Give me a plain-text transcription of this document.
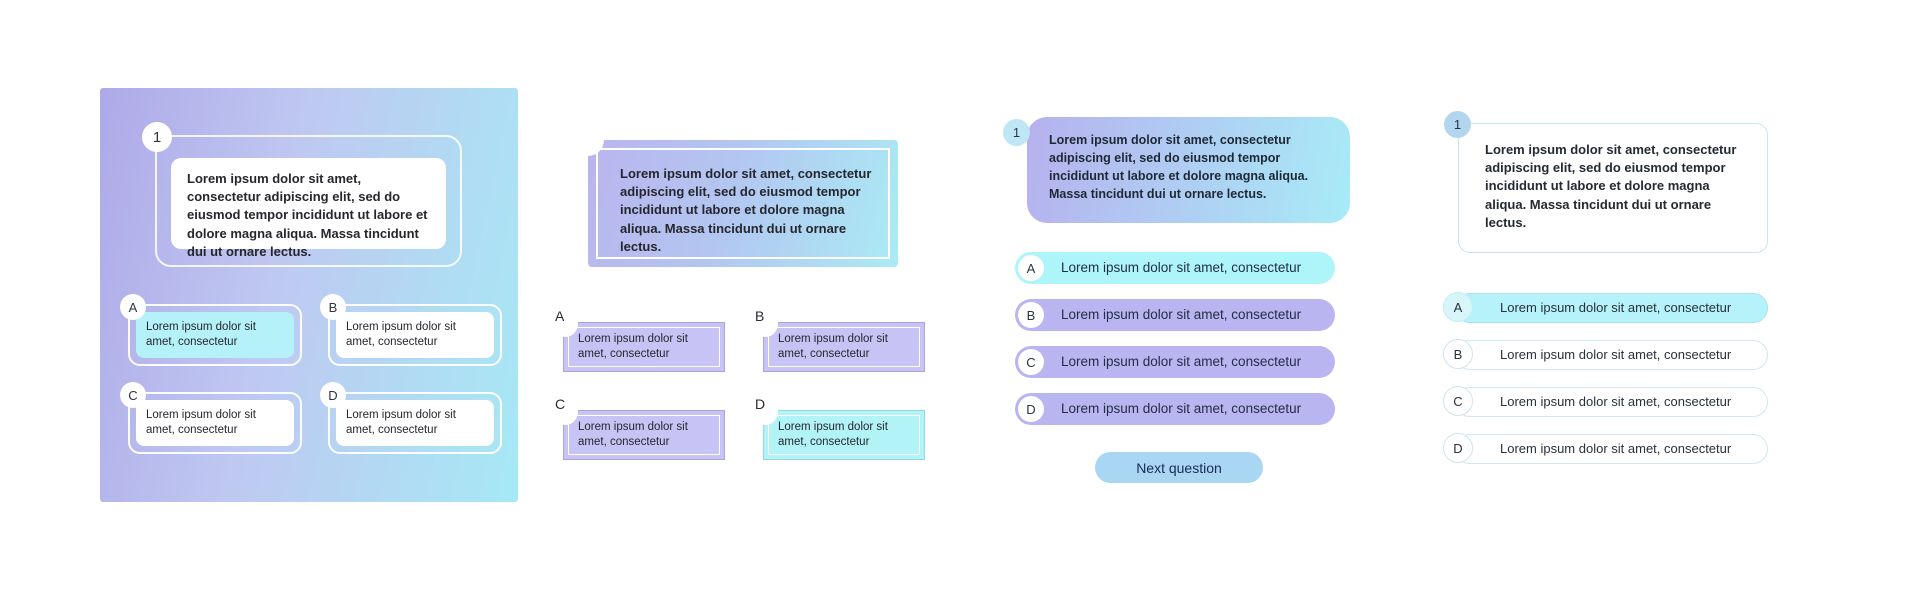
1
Lorem ipsum dolor sit amet, consectetur adipiscing elit, sed do eiusmod tempor incididunt ut labore et dolore magna aliqua. Massa tincidunt dui ut ornare lectus.
A
Lorem ipsum dolor sit amet, consectetur
B
Lorem ipsum dolor sit amet, consectetur
C
Lorem ipsum dolor sit amet, consectetur
D
Lorem ipsum dolor sit amet, consectetur
Lorem ipsum dolor sit amet, consectetur adipiscing elit, sed do eiusmod tempor incididunt ut labore et dolore magna aliqua. Massa tincidunt dui ut ornare lectus.
A
Lorem ipsum dolor sit amet, consectetur
B
Lorem ipsum dolor sit amet, consectetur
C
Lorem ipsum dolor sit amet, consectetur
D
Lorem ipsum dolor sit amet, consectetur
1	Lorem ipsum dolor sit amet, consectetur adipiscing elit, sed do eiusmod tempor incididunt ut labore et dolore magna aliqua. Massa tincidunt dui ut ornare lectus.
A	Lorem ipsum dolor sit amet, consectetur
B	Lorem ipsum dolor sit amet, consectetur
C	Lorem ipsum dolor sit amet, consectetur
D	Lorem ipsum dolor sit amet, consectetur
Next question
1
Lorem ipsum dolor sit amet, consectetur adipiscing elit, sed do eiusmod tempor incididunt ut labore et dolore magna aliqua. Massa tincidunt dui ut ornare lectus.
A	Lorem ipsum dolor sit amet, consectetur
B	Lorem ipsum dolor sit amet, consectetur
C	Lorem ipsum dolor sit amet, consectetur
D	Lorem ipsum dolor sit amet, consectetur
